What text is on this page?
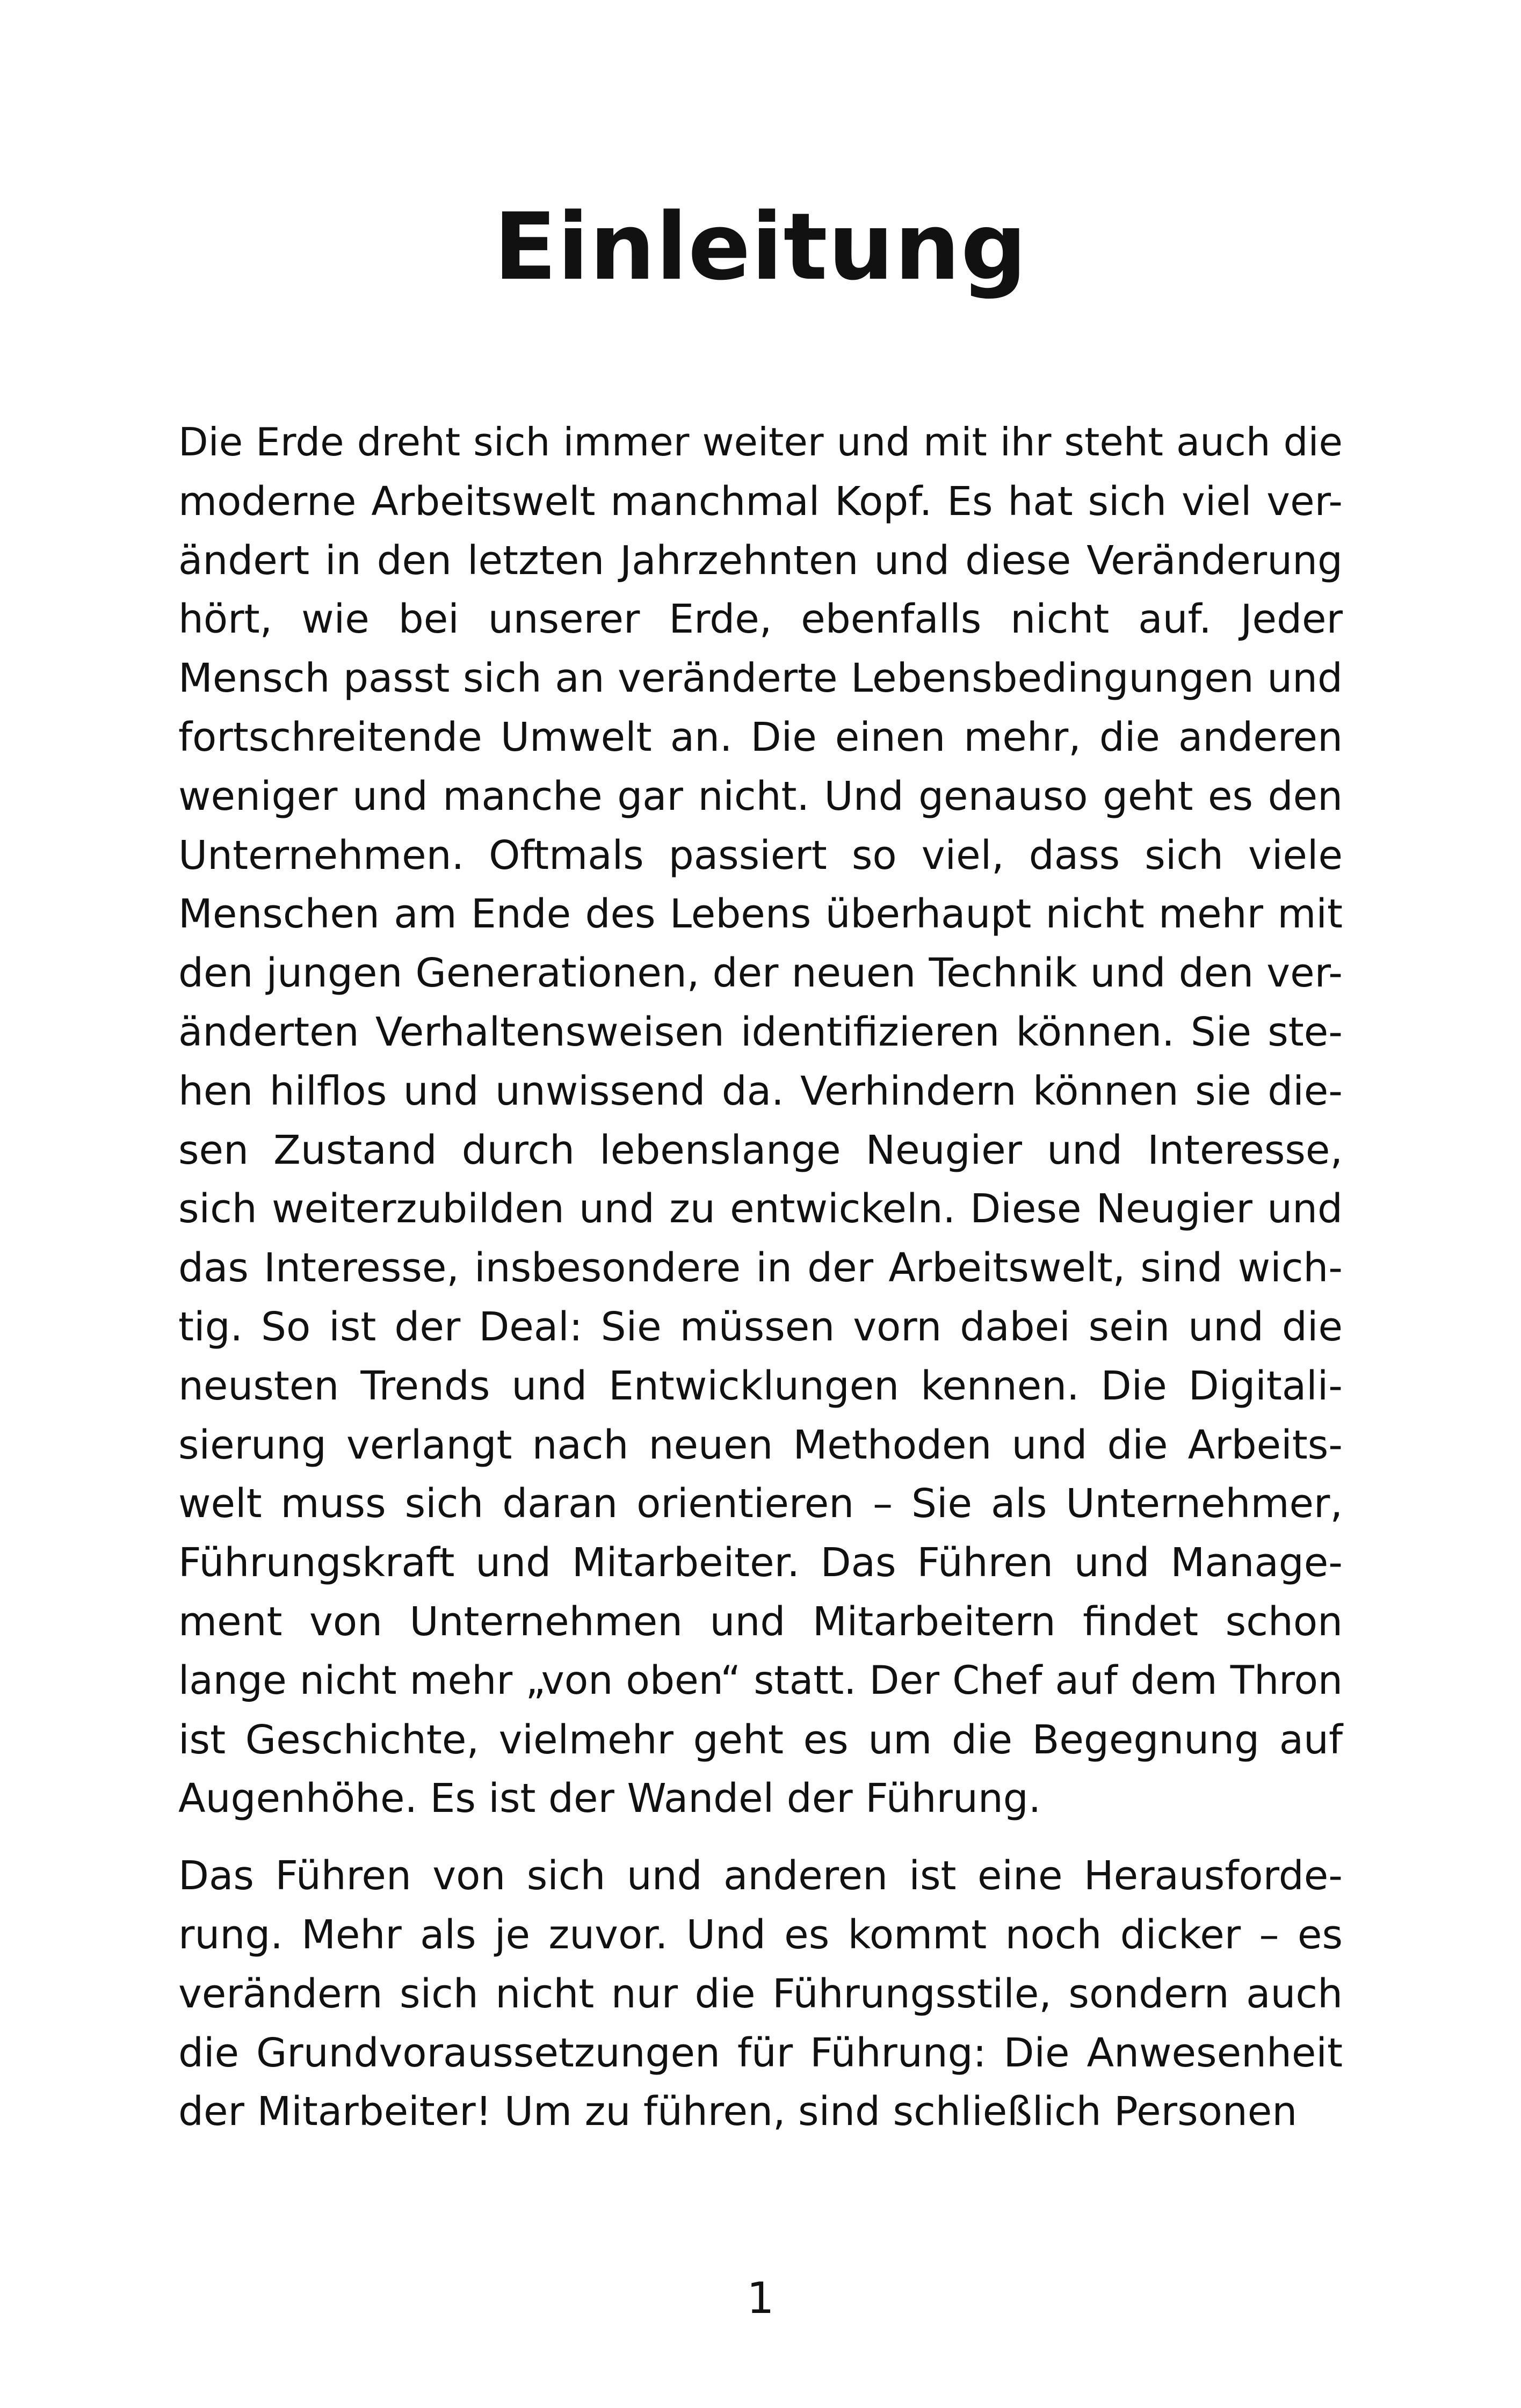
Einleitung

Die Erde dreht sich immer weiter und mit ihr steht auch die
moderne Arbeitswelt manchmal Kopf. Es hat sich viel ver-
ändert in den letzten Jahrzehnten und diese Veränderung
hört, wie bei unserer Erde, ebenfalls nicht auf. Jeder
Mensch passt sich an veränderte Lebensbedingungen und
fortschreitende Umwelt an. Die einen mehr, die anderen
weniger und manche gar nicht. Und genauso geht es den
Unternehmen. Oftmals passiert so viel, dass sich viele
Menschen am Ende des Lebens überhaupt nicht mehr mit
den jungen Generationen, der neuen Technik und den ver-
änderten Verhaltensweisen identifizieren können. Sie ste-
hen hilflos und unwissend da. Verhindern können sie die-
sen Zustand durch lebenslange Neugier und Interesse,
sich weiterzubilden und zu entwickeln. Diese Neugier und
das Interesse, insbesondere in der Arbeitswelt, sind wich-
tig. So ist der Deal: Sie müssen vorn dabei sein und die
neusten Trends und Entwicklungen kennen. Die Digitali-
sierung verlangt nach neuen Methoden und die Arbeits-
welt muss sich daran orientieren – Sie als Unternehmer,
Führungskraft und Mitarbeiter. Das Führen und Manage-
ment von Unternehmen und Mitarbeitern findet schon
lange nicht mehr „von oben“ statt. Der Chef auf dem Thron
ist Geschichte, vielmehr geht es um die Begegnung auf
Augenhöhe. Es ist der Wandel der Führung.

Das Führen von sich und anderen ist eine Herausforde-
rung. Mehr als je zuvor. Und es kommt noch dicker – es
verändern sich nicht nur die Führungsstile, sondern auch
die Grundvoraussetzungen für Führung: Die Anwesenheit
der Mitarbeiter! Um zu führen, sind schließlich Personen

1
